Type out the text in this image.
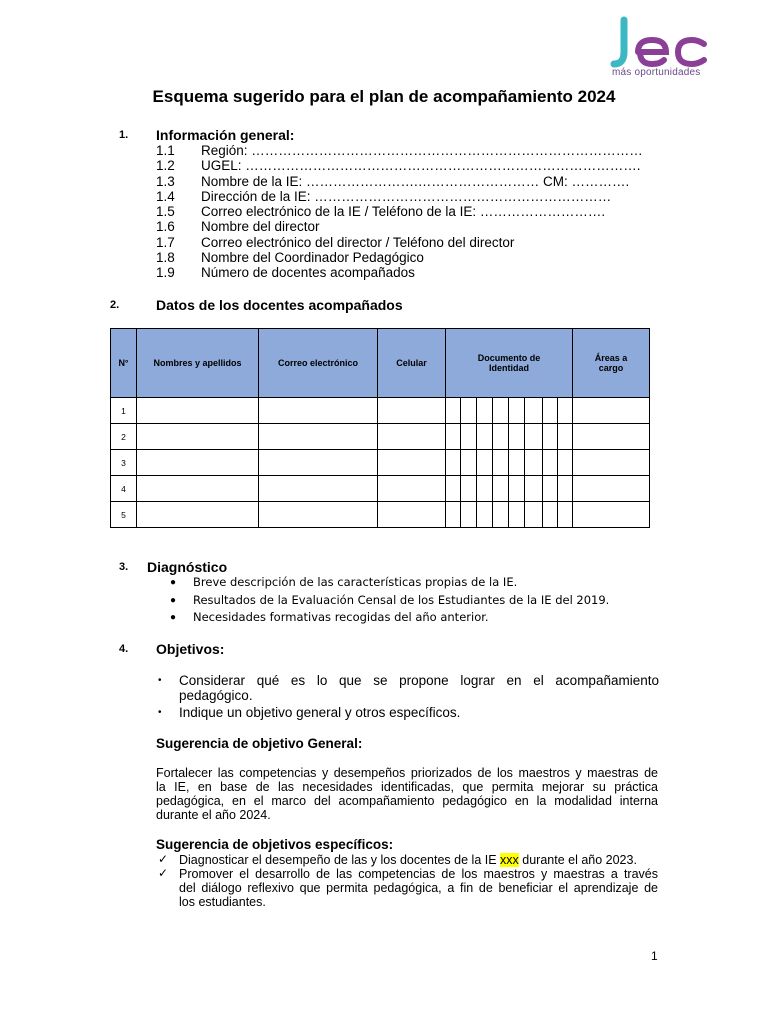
más oportunidades
Esquema sugerido para el plan de acompañamiento 2024
1. Información general:
1.1 Región: ……………………………………………………………………………
1.2 UGEL: …………………………………………………………………………….
1.3 Nombre de la IE: …………………….……………………… CM: ………….
1.4 Dirección de la IE: …………………………………………………………
1.5 Correo electrónico de la IE / Teléfono de la IE: ……………………….
1.6 Nombre del director
1.7 Correo electrónico del director / Teléfono del director
1.8 Nombre del Coordinador Pedagógico
1.9 Número de docentes acompañados
2.	Datos de los docentes acompañados
N°	Nombres y apellidos	Correo electrónico	Celular	Documento de Identidad								Áreas a cargo
1												
2												
3												
4												
5												
3. Diagnóstico
● Breve descripción de las características propias de la IE.
● Resultados de la Evaluación Censal de los Estudiantes de la IE del 2019.
● Necesidades formativas recogidas del año anterior.
4. Objetivos:
• Considerar qué es lo que se propone lograr en el acompañamiento
pedagógico.
• Indique un objetivo general y otros específicos.
Sugerencia de objetivo General:
Fortalecer las competencias y desempeños priorizados de los maestros y maestras de
la IE, en base de las necesidades identificadas, que permita mejorar su práctica
pedagógica, en el marco del acompañamiento pedagógico en la modalidad interna
durante el año 2024.
Sugerencia de objetivos específicos:
✓ Diagnosticar el desempeño de las y los docentes de la IE xxx durante el año 2023.
✓ Promover el desarrollo de las competencias de los maestros y maestras a través
del diálogo reflexivo que permita pedagógica, a fin de beneficiar el aprendizaje de
los estudiantes.
1
